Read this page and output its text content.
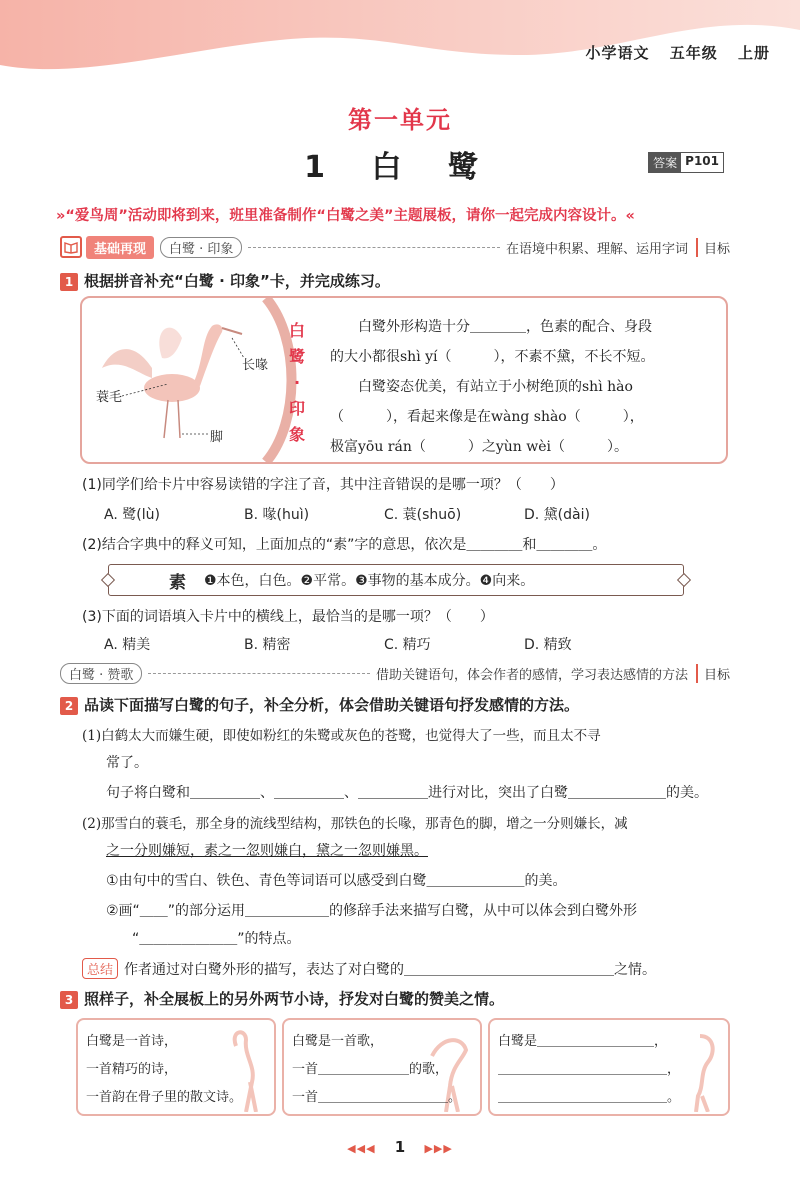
小学语文 五年级 上册
第一单元
1 白 鹭	答案 P101
»“爱鸟周”活动即将到来，班里准备制作“白鹭之美”主题展板，请你一起完成内容设计。«
基础再现	白鹭 · 印象	在语境中积累、理解、运用字词	目标
1 根据拼音补充“白鹭 · 印象”卡，并完成练习。
长喙
蓑毛
脚
白
鹭
·
印
象

白鹭外形构造十分＿＿＿＿，色素的配合、身段

的大小都很shì yí（　　　），不素不黛，不长不短。

白鹭姿态优美，有站立于小树绝顶的shì hào

（　　　），看起来像是在wàng shào（　　　），

极富yōu rán（　　　）之yùn wèi（　　　）。

(1)同学们给卡片中容易读错的字注了音，其中注音错误的是哪一项？（　　）
A. 鹭(lù)	B. 喙(huì)	C. 蓑(shuō)	D. 黛(dài)
(2)结合字典中的释义可知，上面加点的“素”字的意思，依次是＿＿＿＿和＿＿＿＿。
素 ❶本色，白色。❷平常。❸事物的基本成分。❹向来。
(3)下面的词语填入卡片中的横线上，最恰当的是哪一项？（　　）
A. 精美	B. 精密	C. 精巧	D. 精致
白鹭 · 赞歌	借助关键语句，体会作者的感情，学习表达感情的方法	目标
2 品读下面描写白鹭的句子，补全分析，体会借助关键语句抒发感情的方法。
(1)白鹤太大而嫌生硬，即使如粉红的朱鹭或灰色的苍鹭，也觉得大了一些，而且太不寻
常了。
句子将白鹭和＿＿＿＿＿、＿＿＿＿＿、＿＿＿＿＿进行对比，突出了白鹭＿＿＿＿＿＿＿的美。
(2)那雪白的蓑毛，那全身的流线型结构，那铁色的长喙，那青色的脚，增之一分则嫌长，减
之一分则嫌短，素之一忽则嫌白，黛之一忽则嫌黑。
①由句中的雪白、铁色、青色等词语可以感受到白鹭＿＿＿＿＿＿＿的美。
②画“＿＿”的部分运用＿＿＿＿＿＿的修辞手法来描写白鹭，从中可以体会到白鹭外形
“＿＿＿＿＿＿＿”的特点。
总结 作者通过对白鹭外形的描写，表达了对白鹭的＿＿＿＿＿＿＿＿＿＿＿＿＿＿＿之情。
3 照样子，补全展板上的另外两节小诗，抒发对白鹭的赞美之情。

白鹭是一首诗，

一首精巧的诗，

一首韵在骨子里的散文诗。

白鹭是一首歌，

一首＿＿＿＿＿＿＿的歌，

一首＿＿＿＿＿＿＿＿＿＿。

白鹭是＿＿＿＿＿＿＿＿＿，

＿＿＿＿＿＿＿＿＿＿＿＿＿，

＿＿＿＿＿＿＿＿＿＿＿＿＿。

◀◀◀ 1 ▶▶▶
